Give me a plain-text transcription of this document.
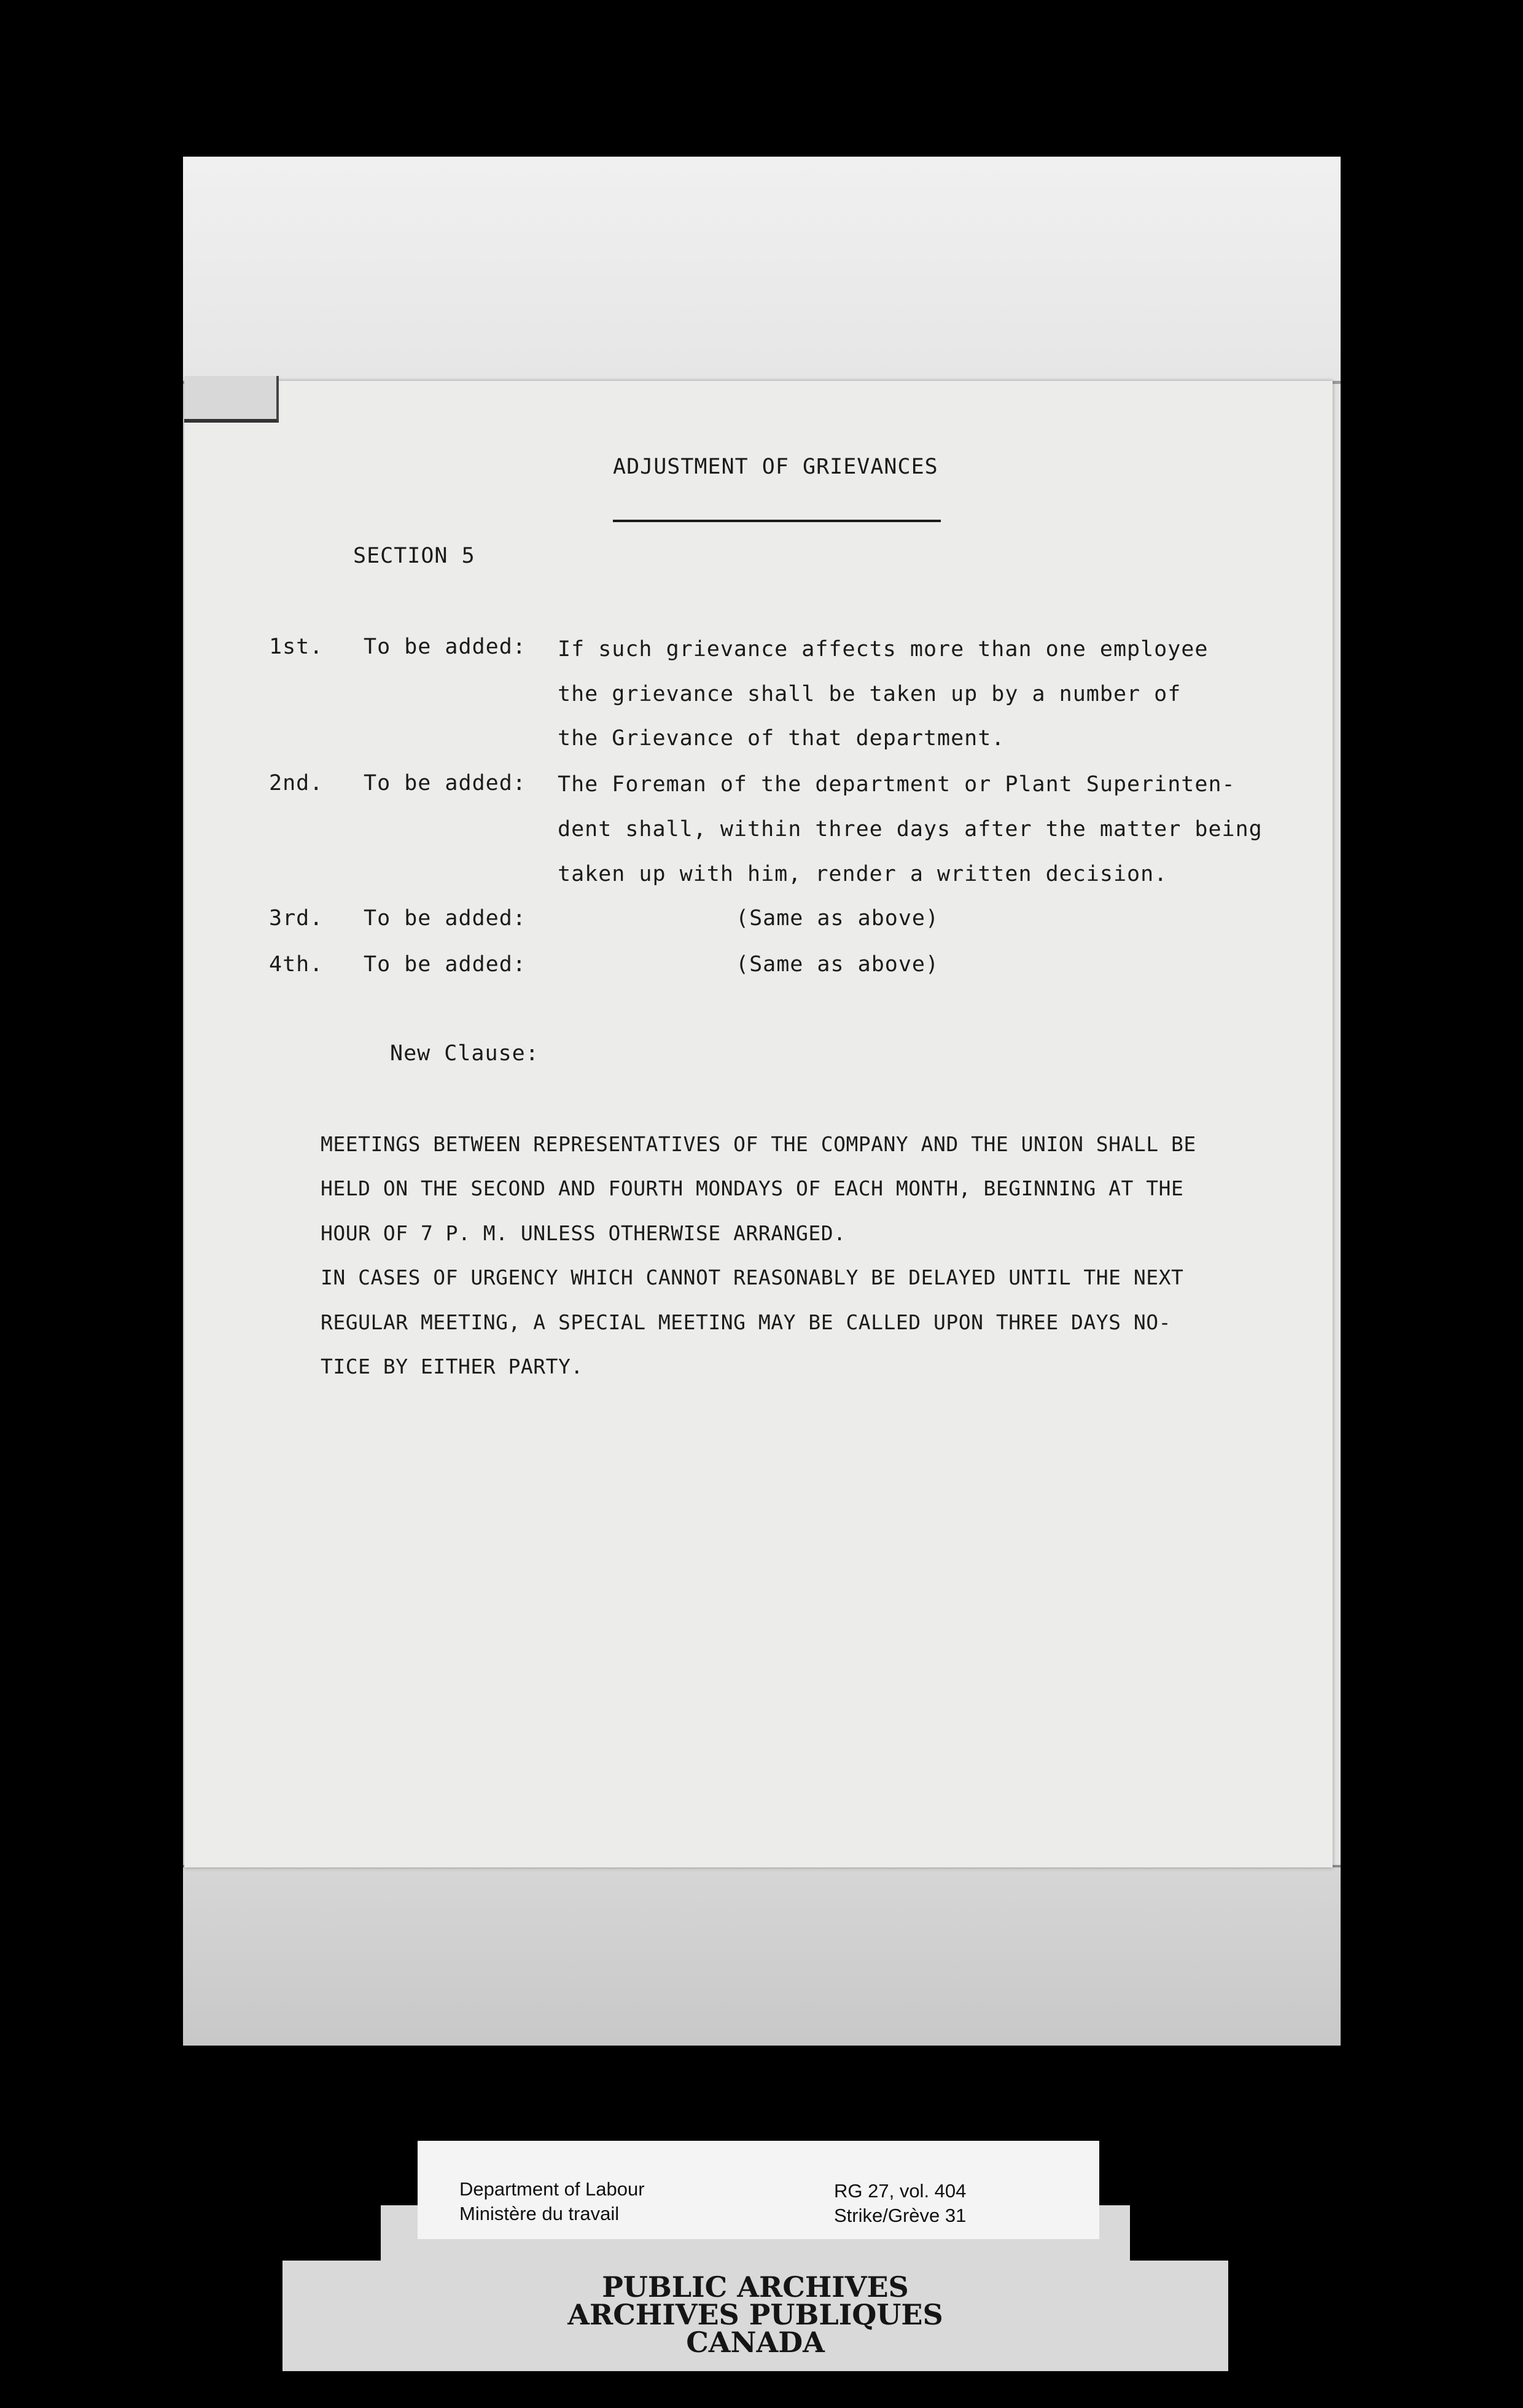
ADJUSTMENT OF GRIEVANCES
SECTION 5
1st. To be added: If such grievance affects more than one employee
the grievance shall be taken up by a number of
the Grievance of that department.
2nd. To be added: The Foreman of the department or Plant Superinten-
dent shall, within three days after the matter being
taken up with him, render a written decision.
3rd. To be added:	(Same as above)
4th. To be added:	(Same as above)
New Clause:
MEETINGS BETWEEN REPRESENTATIVES OF THE COMPANY AND THE UNION SHALL BE
HELD ON THE SECOND AND FOURTH MONDAYS OF EACH MONTH, BEGINNING AT THE
HOUR OF 7 P. M. UNLESS OTHERWISE ARRANGED.
IN CASES OF URGENCY WHICH CANNOT REASONABLY BE DELAYED UNTIL THE NEXT
REGULAR MEETING, A SPECIAL MEETING MAY BE CALLED UPON THREE DAYS NO-
TICE BY EITHER PARTY.
Department of Labour
Ministère du travail
RG 27, vol. 404
Strike/Grève 31
PUBLIC ARCHIVES
ARCHIVES PUBLIQUES
CANADA
